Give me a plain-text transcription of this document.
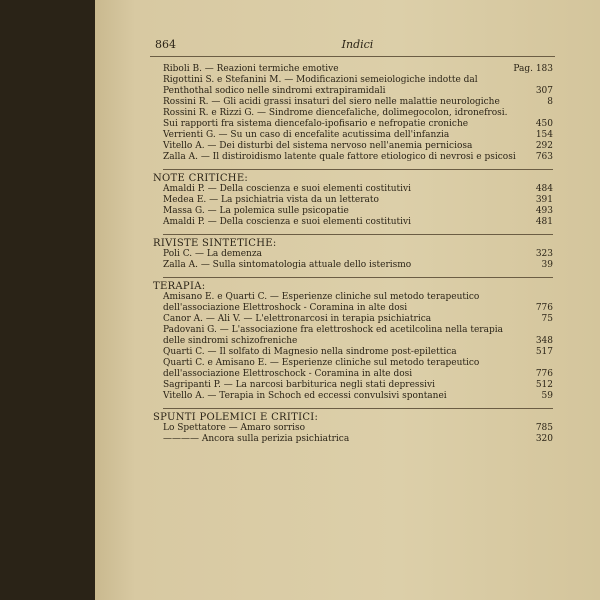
864	Indici
Riboli B. — Reazioni termiche emotive	Pag. 183
Rigottini S. e Stefanini M. — Modificazioni semeiologiche indotte dal Penthothal sodico nelle sindromi extrapiramidali	307
Rossini R. — Gli acidi grassi insaturi del siero nelle malattie neurologiche	8
Rossini R. e Rizzi G. — Sindrome diencefaliche, dolimegocolon, idronefrosi. Sui rapporti fra sistema diencefalo-ipofisario e nefropatie croniche	450
Verrienti G. — Su un caso di encefalite acutissima dell'infanzia	154
Vitello A. — Dei disturbi del sistema nervoso nell'anemia perniciosa	292
Zalla A. — Il distiroidismo latente quale fattore etiologico di nevrosi e psicosi	763
NOTE CRITICHE:
Amaldi P. — Della coscienza e suoi elementi costitutivi	484
Medea E. — La psichiatria vista da un letterato	391
Massa G. — La polemica sulle psicopatie	493
Amaldi P. — Della coscienza e suoi elementi costitutivi	481
RIVISTE SINTETICHE:
Poli C. — La demenza	323
Zalla A. — Sulla sintomatologia attuale dello isterismo	39
TERAPIA:
Amisano E. e Quarti C. — Esperienze cliniche sul metodo terapeutico dell'associazione Elettroshock - Coramina in alte dosi	776
Canor A. — Ali V. — L'elettronarcosi in terapia psichiatrica	75
Padovani G. — L'associazione fra elettroshock ed acetilcolina nella terapia delle sindromi schizofreniche	348
Quarti C. — Il solfato di Magnesio nella sindrome post-epilettica	517
Quarti C. e Amisano E. — Esperienze cliniche sul metodo terapeutico dell'associazione Elettroschock - Coramina in alte dosi	776
Sagripanti P. — La narcosi barbiturica negli stati depressivi	512
Vitello A. — Terapia in Schoch ed eccessi convulsivi spontanei	59
SPUNTI POLEMICI E CRITICI:
Lo Spettatore — Amaro sorriso	785
———— Ancora sulla perizia psichiatrica	320
